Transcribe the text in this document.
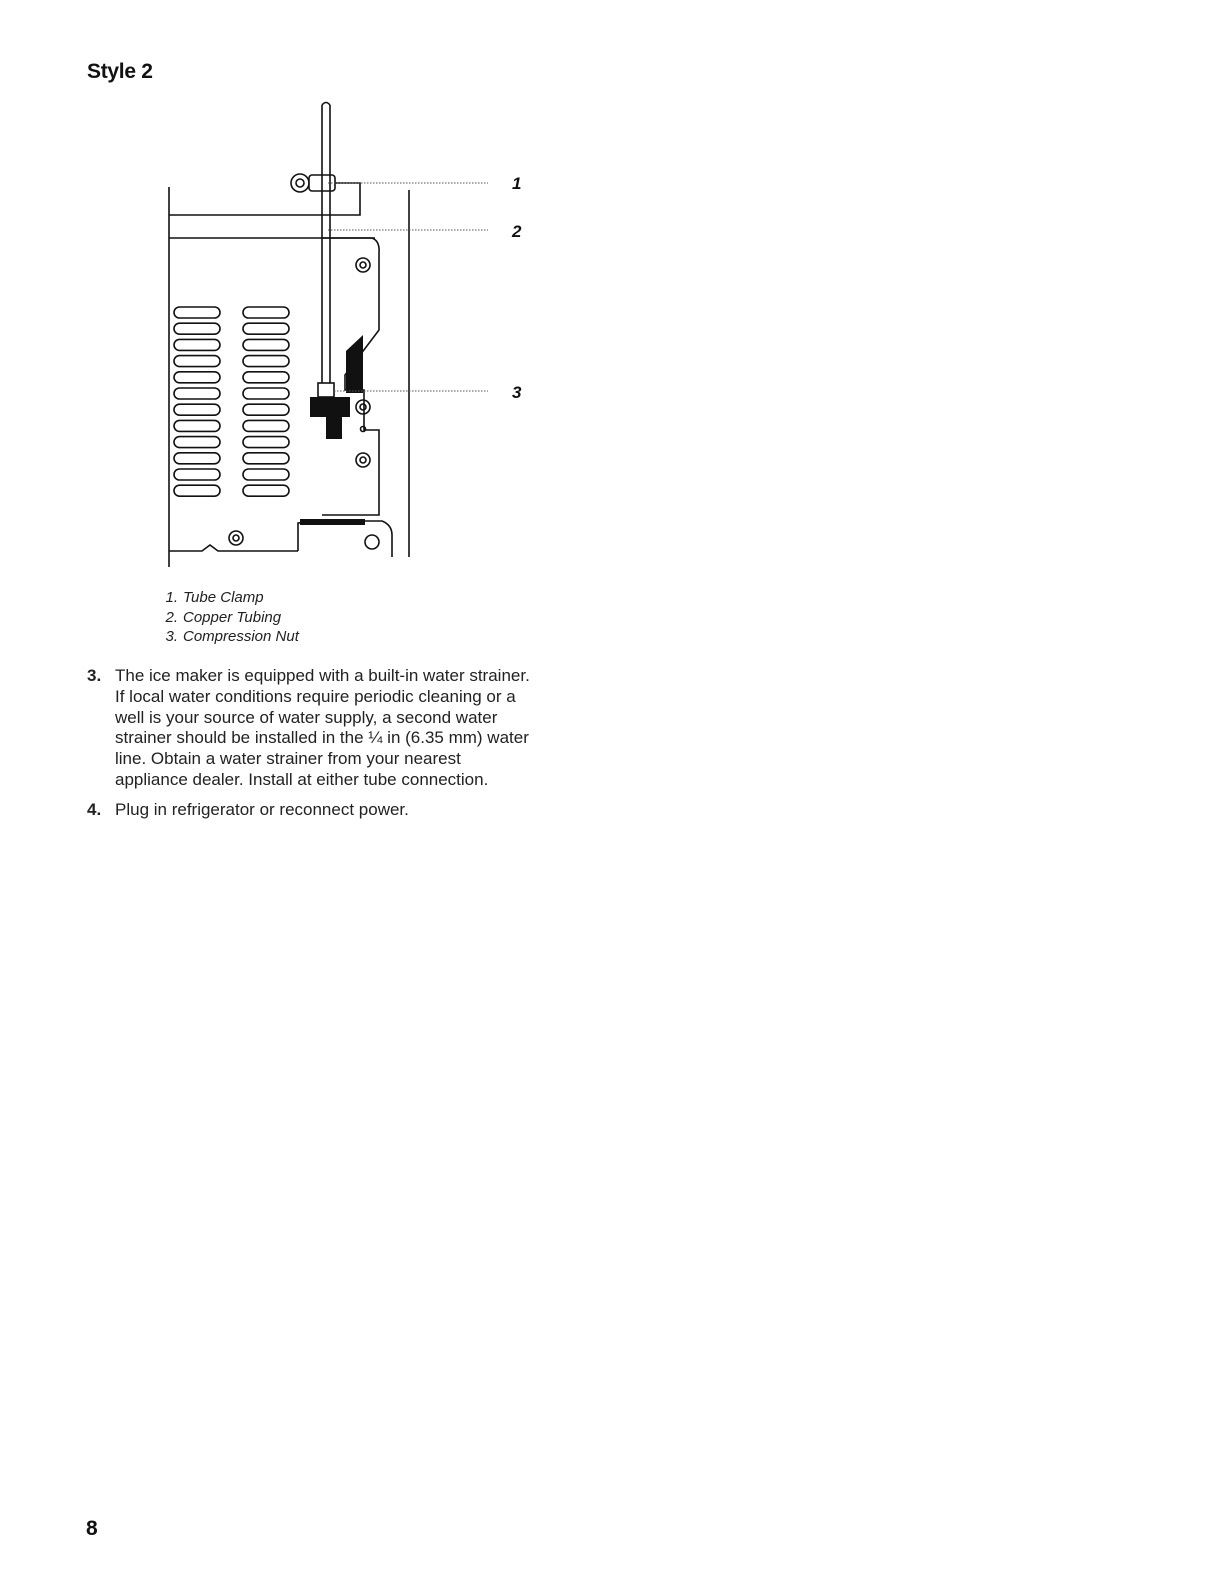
Style 2
1
2
3
1. Tube Clamp
2. Copper Tubing
3. Compression Nut
3. The ice maker is equipped with a built-in water strainer.
If local water conditions require periodic cleaning or a
well is your source of water supply, a second water
strainer should be installed in the ¼ in (6.35 mm) water
line. Obtain a water strainer from your nearest
appliance dealer. Install at either tube connection.
4. Plug in refrigerator or reconnect power.
8
